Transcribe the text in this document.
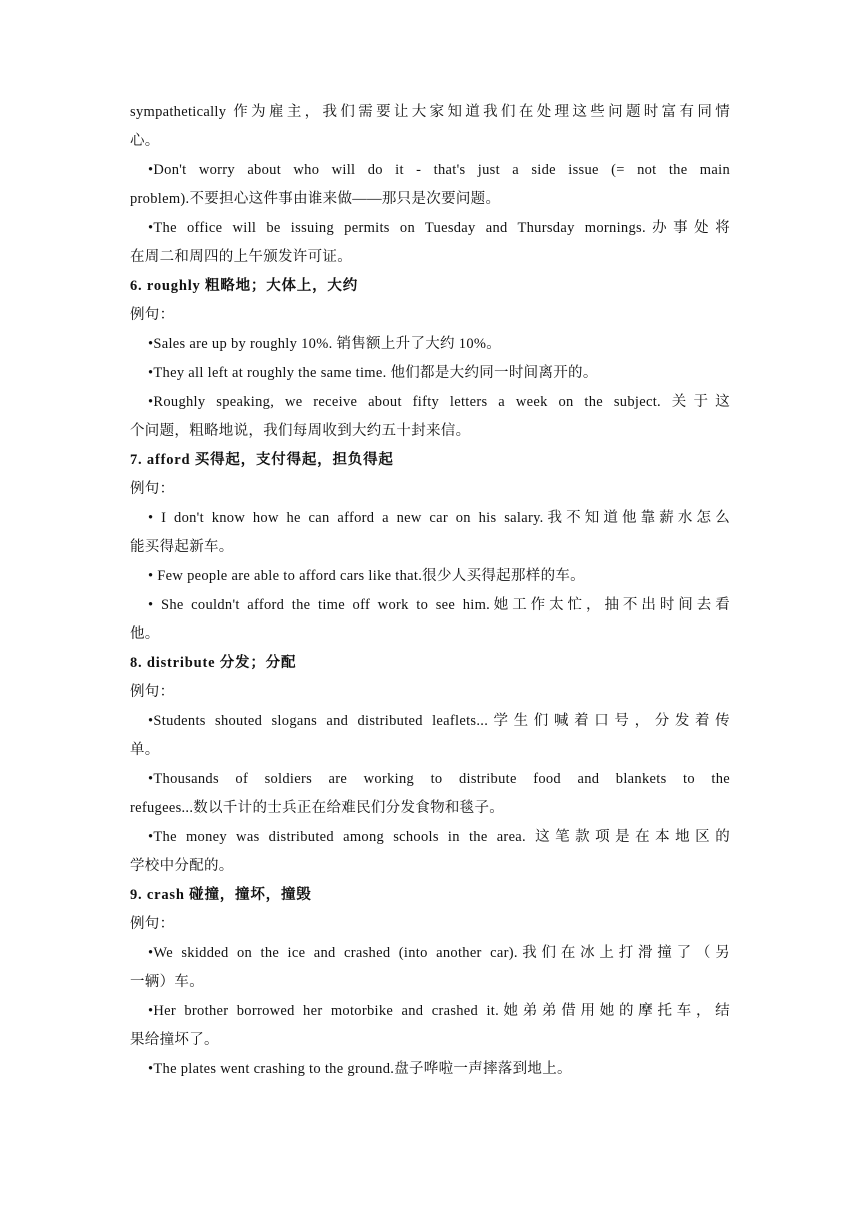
sympathetically 作为雇主，我们需要让大家知道我们在处理这些问题时富有同情
心。
•Don't worry about who will do it - that's just a side issue (= not the main
problem).不要担心这件事由谁来做——那只是次要问题。
•The office will be issuing permits on Tuesday and Thursday mornings.办事处将
在周二和周四的上午颁发许可证。
6. roughly 粗略地；大体上，大约
例句：
•Sales are up by roughly 10%. 销售额上升了大约 10%。
•They all left at roughly the same time. 他们都是大约同一时间离开的。
•Roughly speaking, we receive about fifty letters a week on the subject. 关于这
个问题，粗略地说，我们每周收到大约五十封来信。
7. afford 买得起，支付得起，担负得起
例句：
• I don't know how he can afford a new car on his salary.我不知道他靠薪水怎么
能买得起新车。
• Few people are able to afford cars like that.很少人买得起那样的车。
• She couldn't afford the time off work to see him.她工作太忙，抽不出时间去看
他。
8. distribute 分发；分配
例句：
•Students shouted slogans and distributed leaflets...学生们喊着口号，分发着传
单。
•Thousands of soldiers are working to distribute food and blankets to the
refugees...数以千计的士兵正在给难民们分发食物和毯子。
•The money was distributed among schools in the area. 这笔款项是在本地区的
学校中分配的。
9. crash 碰撞，撞坏，撞毁
例句：
•We skidded on the ice and crashed (into another car).我们在冰上打滑撞了（另
一辆）车。
•Her brother borrowed her motorbike and crashed it.她弟弟借用她的摩托车，结
果给撞坏了。
•The plates went crashing to the ground.盘子哗啦一声摔落到地上。
